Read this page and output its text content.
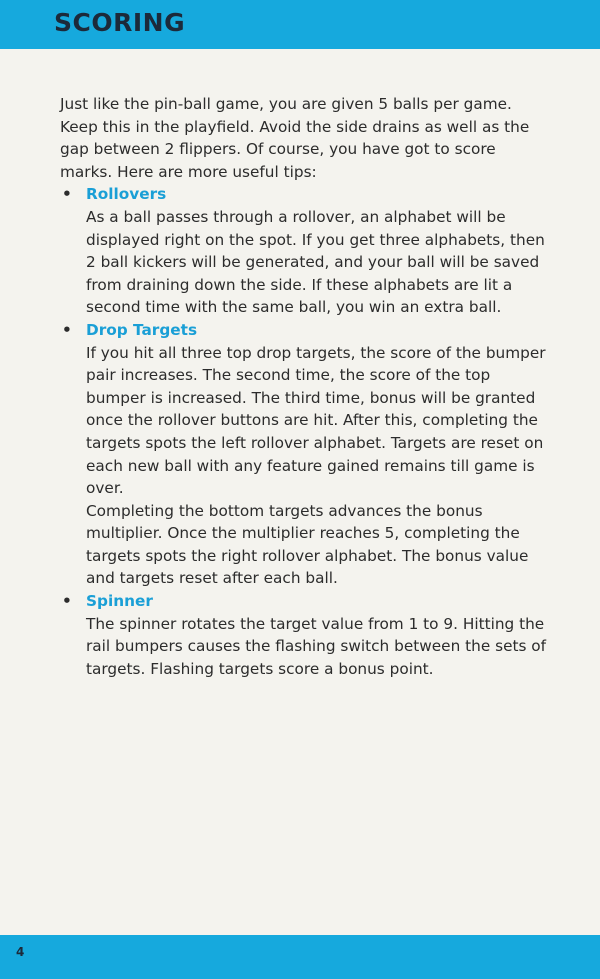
SCORING

Just like the pin-ball game, you are given 5 balls per game. Keep this in the playfield. Avoid the side drains as well as the gap between 2 flippers. Of course, you have got to score marks. Here are more useful tips:

• Rollovers

As a ball passes through a rollover, an alphabet will be displayed right on the spot. If you get three alphabets, then 2 ball kickers will be generated, and your ball will be saved from draining down the side. If these alphabets are lit a second time with the same ball, you win an extra ball.

• Drop Targets

If you hit all three top drop targets, the score of the bumper pair increases. The second time, the score of the top bumper is increased. The third time, bonus will be granted once the rollover buttons are hit. After this, completing the targets spots the left rollover alphabet. Targets are reset on each new ball with any feature gained remains till game is over.

Completing the bottom targets advances the bonus multiplier. Once the multiplier reaches 5, completing the targets spots the right rollover alphabet. The bonus value and targets reset after each ball.

• Spinner

The spinner rotates the target value from 1 to 9. Hitting the rail bumpers causes the flashing switch between the sets of targets. Flashing targets score a bonus point.

4
